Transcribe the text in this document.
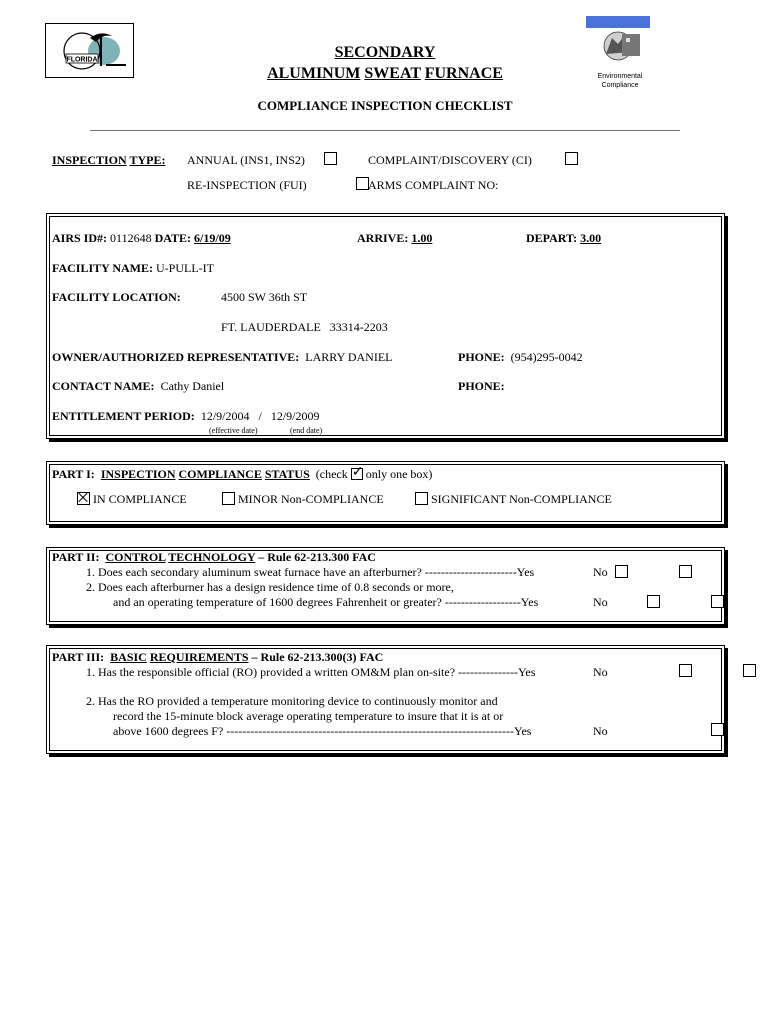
FLORIDA	SECONDARY
ALUMINUM SWEAT FURNACE	Environmental
Compliance
COMPLIANCE INSPECTION CHECKLIST
INSPECTION TYPE: ANNUAL (INS1, INS2)
	COMPLAINT/DISCOVERY (CI)

RE-INSPECTION (FUI)
	ARMS COMPLAINT NO:
AIRS ID#: 0112648 DATE: 6/19/09	ARRIVE: 1.00	DEPART: 3.00
FACILITY NAME: U-PULL-IT
FACILITY LOCATION:	4500 SW 36th ST
FT. LAUDERDALE   33314-2203
OWNER/AUTHORIZED REPRESENTATIVE: LARRY DANIEL	PHONE: (954)295-0042
CONTACT NAME: Cathy Daniel	PHONE:
ENTITLEMENT PERIOD: 12/9/2004 / 12/9/2009
(effective date)	(end date)
PART I: INSPECTION COMPLIANCE STATUS (check ✓ only one box)
IN COMPLIANCE	MINOR Non-COMPLIANCE	SIGNIFICANT Non-COMPLIANCE
PART II: CONTROL TECHNOLOGY – Rule 62-213.300 FAC
1. Does each secondary aluminum sweat furnace have an afterburner? -----------------------Yes
	No

2. Does each afterburner has a design residence time of 0.8 seconds or more,
and an operating temperature of 1600 degrees Fahrenheit or greater? -------------------Yes
	No

PART III: BASIC REQUIREMENTS – Rule 62-213.300(3) FAC
1. Has the responsible official (RO) provided a written OM&M plan on-site? ---------------Yes
	No

2. Has the RO provided a temperature monitoring device to continuously monitor and
record the 15-minute block average operating temperature to insure that it is at or
above 1600 degrees F? ------------------------------------------------------------------------Yes
	No
